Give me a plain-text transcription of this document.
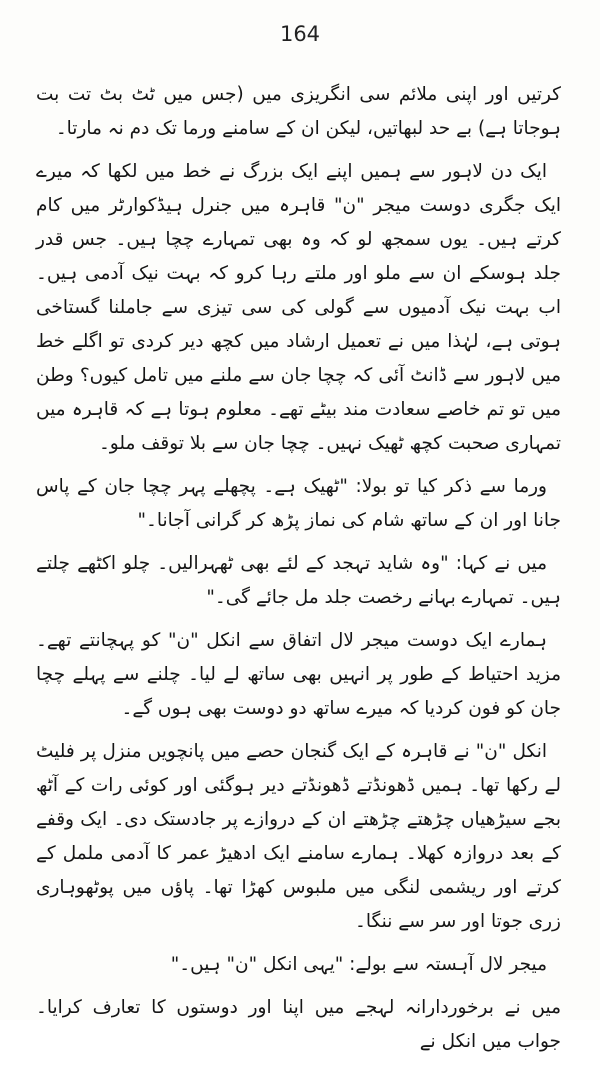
164

کرتیں اور اپنی ملائم سی انگریزی میں (جس میں ٹٹ بٹ تت بت ہوجاتا ہے) بے حد لبھاتیں، لیکن ان کے سامنے ورما تک دم نہ مارتا۔

ایک دن لاہور سے ہمیں اپنے ایک بزرگ نے خط میں لکھا کہ میرے ایک جگری دوست میجر "ن" قاہرہ میں جنرل ہیڈکوارٹر میں کام کرتے ہیں۔ یوں سمجھ لو کہ وہ بھی تمہارے چچا ہیں۔ جس قدر جلد ہوسکے ان سے ملو اور ملتے رہا کرو کہ بہت نیک آدمی ہیں۔ اب بہت نیک آدمیوں سے گولی کی سی تیزی سے جاملنا گستاخی ہوتی ہے، لہٰذا میں نے تعمیل ارشاد میں کچھ دیر کردی تو اگلے خط میں لاہور سے ڈانٹ آئی کہ چچا جان سے ملنے میں تامل کیوں؟ وطن میں تو تم خاصے سعادت مند بیٹے تھے۔ معلوم ہوتا ہے کہ قاہرہ میں تمہاری صحبت کچھ ٹھیک نہیں۔ چچا جان سے بلا توقف ملو۔

ورما سے ذکر کیا تو بولا: "ٹھیک ہے۔ پچھلے پہر چچا جان کے پاس جانا اور ان کے ساتھ شام کی نماز پڑھ کر گرانی آجانا۔"

میں نے کہا: "وہ شاید تہجد کے لئے بھی ٹھہرالیں۔ چلو اکٹھے چلتے ہیں۔ تمہارے بہانے رخصت جلد مل جائے گی۔"

ہمارے ایک دوست میجر لال اتفاق سے انکل "ن" کو پہچانتے تھے۔ مزید احتیاط کے طور پر انہیں بھی ساتھ لے لیا۔ چلنے سے پہلے چچا جان کو فون کردیا کہ میرے ساتھ دو دوست بھی ہوں گے۔

انکل "ن" نے قاہرہ کے ایک گنجان حصے میں پانچویں منزل پر فلیٹ لے رکھا تھا۔ ہمیں ڈھونڈتے ڈھونڈتے دیر ہوگئی اور کوئی رات کے آٹھ بجے سیڑھیاں چڑھتے چڑھتے ان کے دروازے پر جادستک دی۔ ایک وقفے کے بعد دروازہ کھلا۔ ہمارے سامنے ایک ادھیڑ عمر کا آدمی ململ کے کرتے اور ریشمی لنگی میں ملبوس کھڑا تھا۔ پاؤں میں پوٹھوہاری زری جوتا اور سر سے ننگا۔

میجر لال آہستہ سے بولے: "یہی انکل "ن" ہیں۔"

میں نے برخوردارانہ لہجے میں اپنا اور دوستوں کا تعارف کرایا۔ جواب میں انکل نے
